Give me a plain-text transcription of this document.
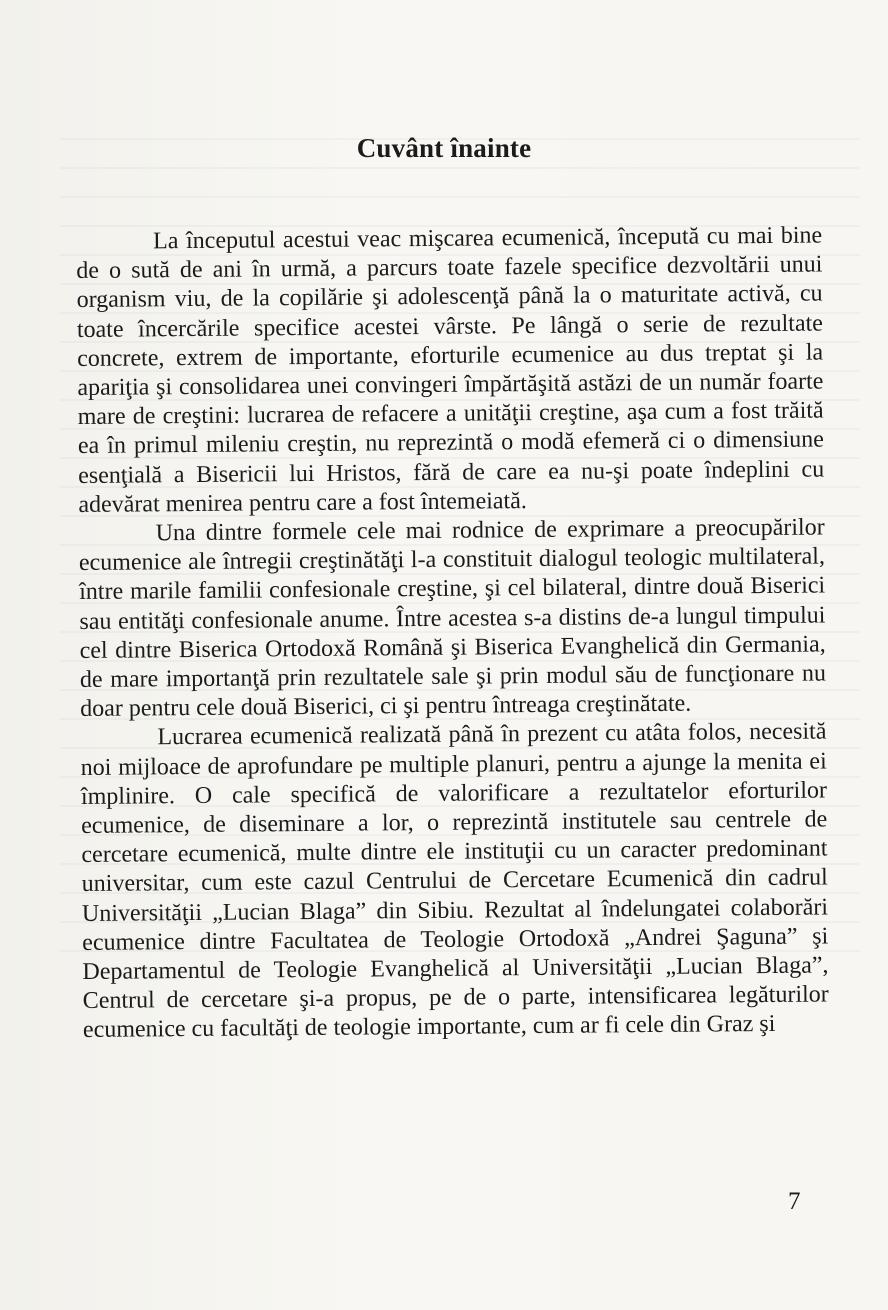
Cuvânt înainte

La începutul acestui veac mişcarea ecumenică, începută cu mai bine de o sută de ani în urmă, a parcurs toate fazele specifice dezvoltării unui organism viu, de la copilărie şi adolescenţă până la o maturitate activă, cu toate încercările specifice acestei vârste. Pe lângă o serie de rezultate concrete, extrem de importante, eforturile ecumenice au dus treptat şi la apariţia şi consolidarea unei convingeri împărtăşită astăzi de un număr foarte mare de creştini: lucrarea de refacere a unităţii creştine, aşa cum a fost trăită ea în primul mileniu creştin, nu reprezintă o modă efemeră ci o dimensiune esenţială a Bisericii lui Hristos, fără de care ea nu-şi poate îndeplini cu adevărat menirea pentru care a fost întemeiată.

Una dintre formele cele mai rodnice de exprimare a preocupărilor ecumenice ale întregii creştinătăţi l-a constituit dialogul teologic multilateral, între marile familii confesionale creştine, şi cel bilateral, dintre două Biserici sau entităţi confesionale anume. Între acestea s-a distins de-a lungul timpului cel dintre Biserica Ortodoxă Română şi Biserica Evanghelică din Germania, de mare importanţă prin rezultatele sale şi prin modul său de funcţionare nu doar pentru cele două Biserici, ci şi pentru întreaga creştinătate.

Lucrarea ecumenică realizată până în prezent cu atâta folos, necesită noi mijloace de aprofundare pe multiple planuri, pentru a ajunge la menita ei împlinire. O cale specifică de valorificare a rezultatelor eforturilor ecumenice, de diseminare a lor, o reprezintă institutele sau centrele de cercetare ecumenică, multe dintre ele instituţii cu un caracter predominant universitar, cum este cazul Centrului de Cercetare Ecumenică din cadrul Universităţii „Lucian Blaga” din Sibiu. Rezultat al îndelungatei colaborări ecumenice dintre Facultatea de Teologie Ortodoxă „Andrei Şaguna” şi Departamentul de Teologie Evanghelică al Universităţii „Lucian Blaga”, Centrul de cercetare şi-a propus, pe de o parte, intensificarea legăturilor ecumenice cu facultăţi de teologie importante, cum ar fi cele din Graz şi

7
